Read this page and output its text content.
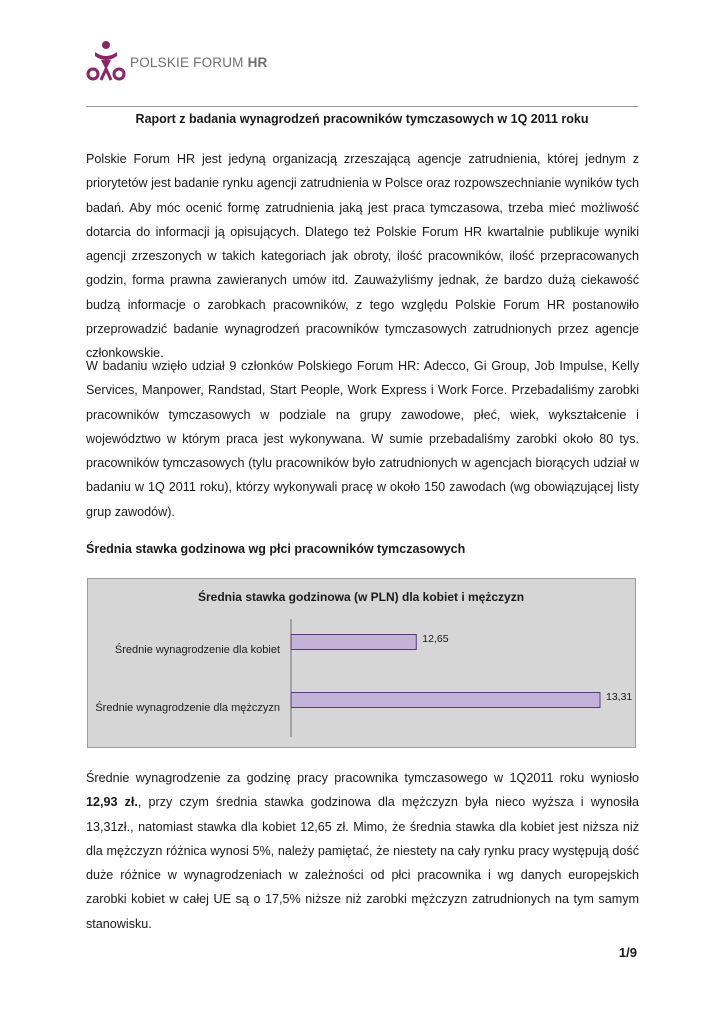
POLSKIE FORUM HR
Raport z badania wynagrodzeń pracowników tymczasowych w 1Q 2011 roku

Polskie Forum HR jest jedyną organizacją zrzeszającą agencje zatrudnienia, której jednym z priorytetów jest badanie rynku agencji zatrudnienia w Polsce oraz rozpowszechnianie wyników tych badań. Aby móc ocenić formę zatrudnienia jaką jest praca tymczasowa, trzeba mieć możliwość dotarcia do informacji ją opisujących. Dlatego też Polskie Forum HR kwartalnie publikuje wyniki agencji zrzeszonych w takich kategoriach jak obroty, ilość pracowników, ilość przepracowanych godzin, forma prawna zawieranych umów itd. Zauważyliśmy jednak, że bardzo dużą ciekawość budzą informacje o zarobkach pracowników, z tego względu Polskie Forum HR postanowiło przeprowadzić badanie wynagrodzeń pracowników tymczasowych zatrudnionych przez agencje członkowskie.

W badaniu wzięło udział 9 członków Polskiego Forum HR: Adecco, Gi Group, Job Impulse, Kelly Services, Manpower, Randstad, Start People, Work Express i Work Force. Przebadaliśmy zarobki pracowników tymczasowych w podziale na grupy zawodowe, płeć, wiek, wykształcenie i województwo w którym praca jest wykonywana. W sumie przebadaliśmy zarobki około 80 tys. pracowników tymczasowych (tylu pracowników było zatrudnionych w agencjach biorących udział w badaniu w 1Q 2011 roku), którzy wykonywali pracę w około 150 zawodach (wg obowiązującej listy grup zawodów).

Średnia stawka godzinowa wg płci pracowników tymczasowych
Średnia stawka godzinowa (w PLN) dla kobiet i mężczyzn
Średnie wynagrodzenie dla kobiet
12,65
Średnie wynagrodzenie dla mężczyzn
13,31

Średnie wynagrodzenie za godzinę pracy pracownika tymczasowego w 1Q2011 roku wyniosło 12,93 zł., przy czym średnia stawka godzinowa dla mężczyzn była nieco wyższa i wynosiła 13,31zł., natomiast stawka dla kobiet 12,65 zł. Mimo, że średnia stawka dla kobiet jest niższa niż dla mężczyzn różnica wynosi 5%, należy pamiętać, że niestety na cały rynku pracy występują dość duże różnice w wynagrodzeniach w zależności od płci pracownika i wg danych europejskich zarobki kobiet w całej UE są o 17,5% niższe niż zarobki mężczyzn zatrudnionych na tym samym stanowisku.

1/9
